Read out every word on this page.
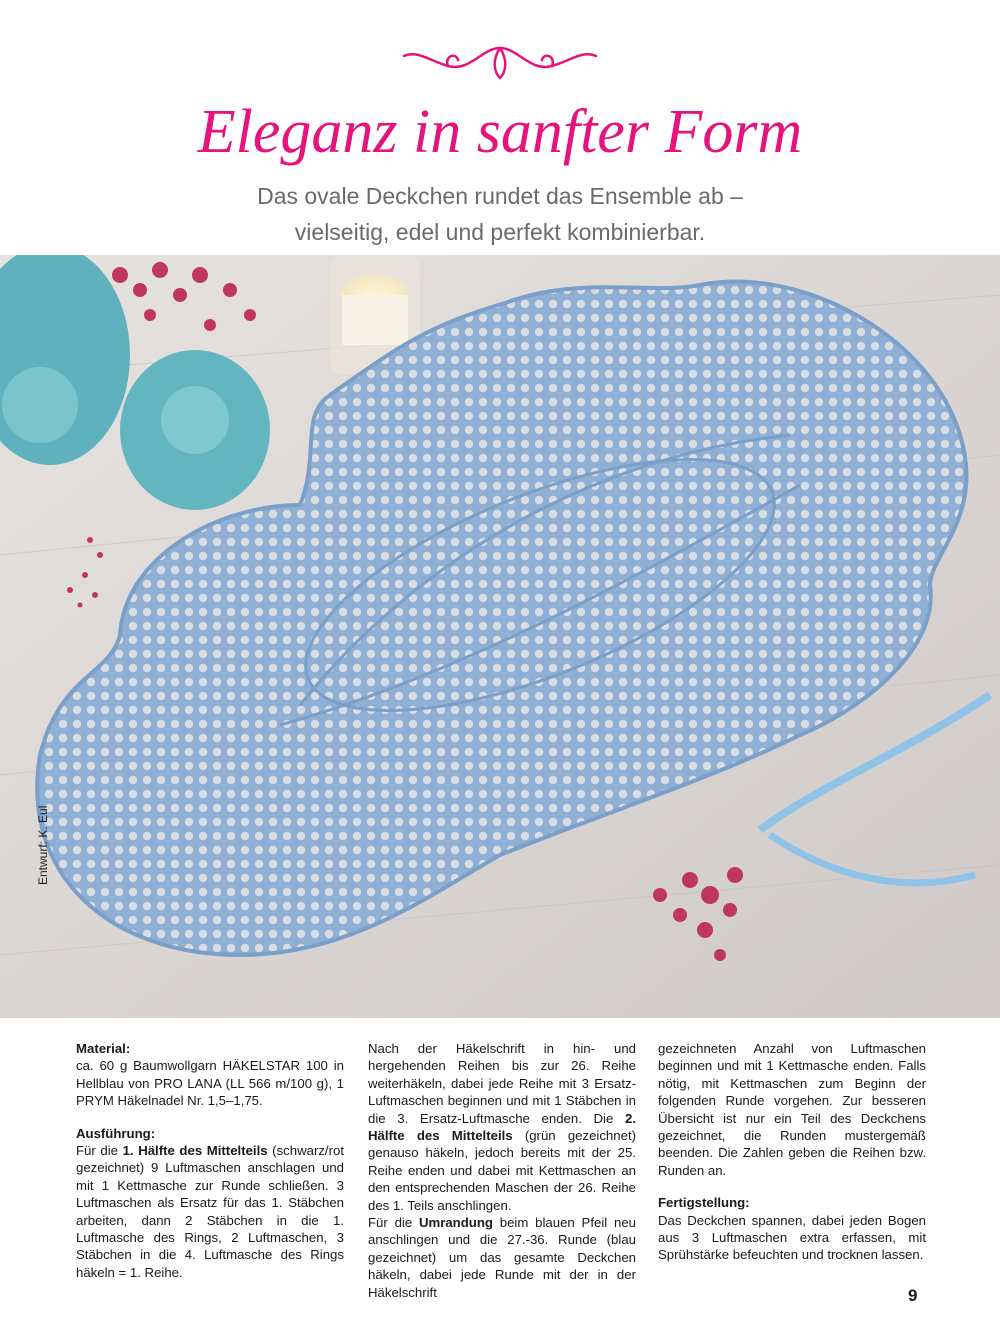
Eleganz in sanfter Form
Das ovale Deckchen rundet das Ensemble ab –
vielseitig, edel und perfekt kombinierbar.
Entwurf: K. Eul

Material:

ca. 60 g Baumwollgarn HÄKELSTAR 100 in Hellblau von PRO LANA (LL 566 m/100 g), 1 PRYM Häkelnadel Nr. 1,5–1,75.

Ausführung:

Für die 1. Hälfte des Mittelteils (schwarz/rot gezeichnet) 9 Luftmaschen anschlagen und mit 1 Kettmasche zur Runde schließen. 3 Luftmaschen als Ersatz für das 1. Stäbchen arbeiten, dann 2 Stäbchen in die 1. Luftmasche des Rings, 2 Luftmaschen, 3 Stäbchen in die 4. Luftmasche des Rings häkeln = 1. Reihe.

Nach der Häkelschrift in hin- und hergehenden Reihen bis zur 26. Reihe weiterhäkeln, dabei jede Reihe mit 3 Ersatz-Luftmaschen beginnen und mit 1 Stäbchen in die 3. Ersatz-Luftmasche enden. Die 2. Hälfte des Mittelteils (grün gezeichnet) genauso häkeln, jedoch bereits mit der 25. Reihe enden und dabei mit Kettmaschen an den entsprechenden Maschen der 26. Reihe des 1. Teils anschlingen.

Für die Umrandung beim blauen Pfeil neu anschlingen und die 27.-36. Runde (blau gezeichnet) um das gesamte Deckchen häkeln, dabei jede Runde mit der in der Häkelschrift

gezeichneten Anzahl von Luftmaschen beginnen und mit 1 Kettmasche enden. Falls nötig, mit Kettmaschen zum Beginn der folgenden Runde vorgehen. Zur besseren Übersicht ist nur ein Teil des Deckchens gezeichnet, die Runden mustergemäß beenden. Die Zahlen geben die Reihen bzw. Runden an.

Fertigstellung:

Das Deckchen spannen, dabei jeden Bogen aus 3 Luftmaschen extra erfassen, mit Sprühstärke befeuchten und trocknen lassen.

9
